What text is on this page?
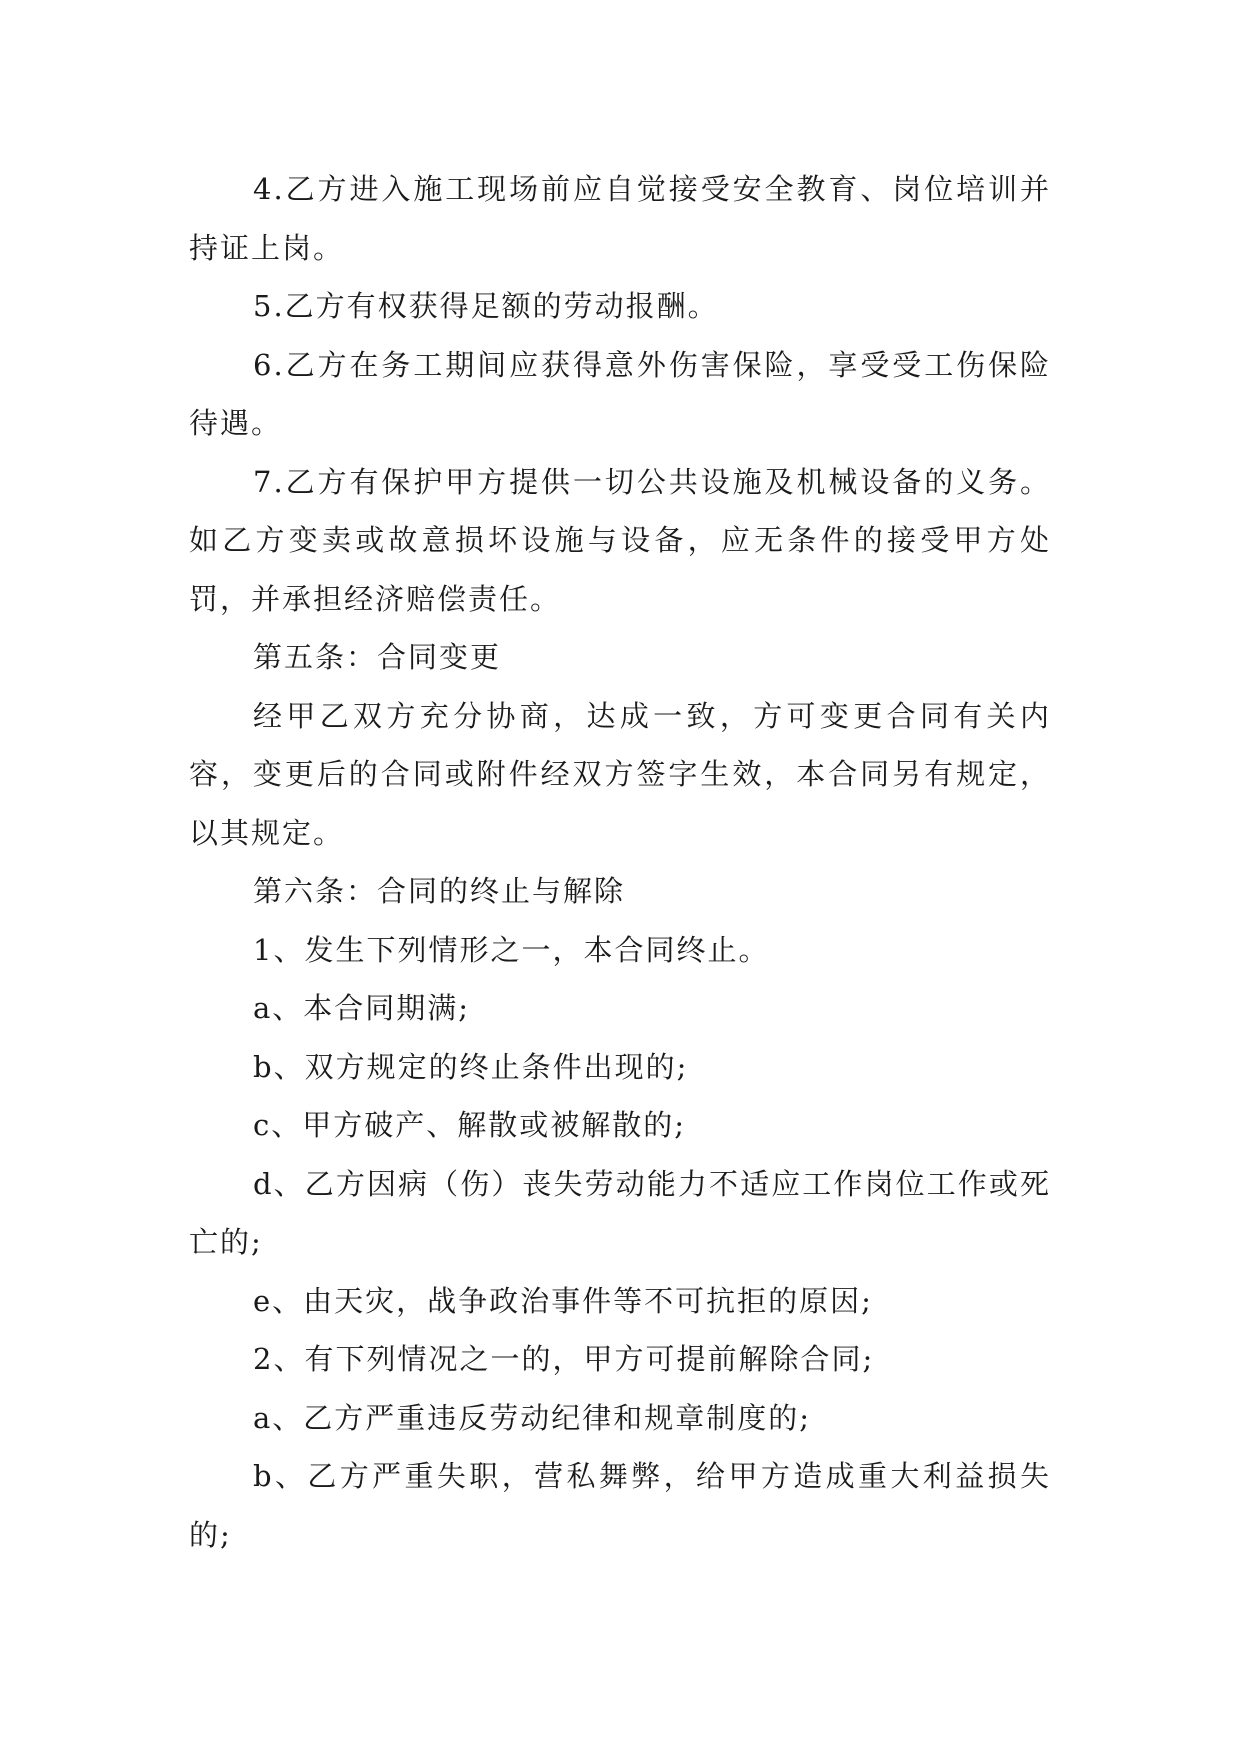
4.乙方进入施工现场前应自觉接受安全教育、岗位培训并持证上岗。

5.乙方有权获得足额的劳动报酬。

6.乙方在务工期间应获得意外伤害保险，享受受工伤保险待遇。

7.乙方有保护甲方提供一切公共设施及机械设备的义务。如乙方变卖或故意损坏设施与设备，应无条件的接受甲方处罚，并承担经济赔偿责任。

第五条：合同变更

经甲乙双方充分协商，达成一致，方可变更合同有关内容，变更后的合同或附件经双方签字生效，本合同另有规定，以其规定。

第六条：合同的终止与解除

1、发生下列情形之一，本合同终止。

a、本合同期满;

b、双方规定的终止条件出现的;

c、甲方破产、解散或被解散的;

d、乙方因病（伤）丧失劳动能力不适应工作岗位工作或死亡的;

e、由天灾，战争政治事件等不可抗拒的原因;

2、有下列情况之一的，甲方可提前解除合同;

a、乙方严重违反劳动纪律和规章制度的;

b、乙方严重失职，营私舞弊，给甲方造成重大利益损失的;
